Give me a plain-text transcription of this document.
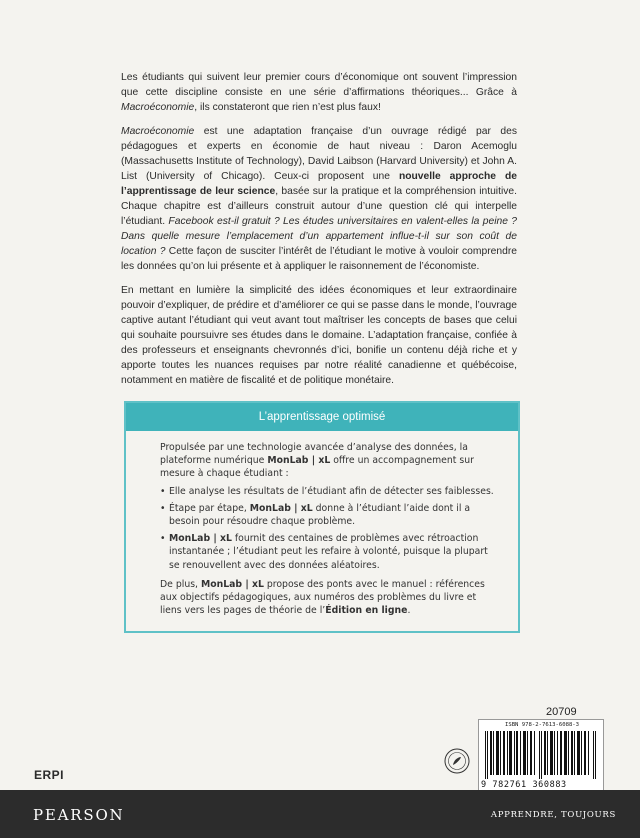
Les étudiants qui suivent leur premier cours d’économique ont souvent l’impression que cette discipline consiste en une série d’affirmations théoriques... Grâce à Macroéconomie, ils constateront que rien n’est plus faux!

Macroéconomie est une adaptation française d’un ouvrage rédigé par des pédagogues et experts en économie de haut niveau : Daron Acemoglu (Massachusetts Institute of Technology), David Laibson (Harvard University) et John A. List (University of Chicago). Ceux-ci proposent une nouvelle approche de l’apprentissage de leur science, basée sur la pratique et la compréhension intuitive. Chaque chapitre est d’ailleurs construit autour d’une question clé qui interpelle l’étudiant. Facebook est-il gratuit ? Les études universitaires en valent-elles la peine ? Dans quelle mesure l’emplacement d’un appartement influe-t-il sur son coût de location ? Cette façon de susciter l’intérêt de l’étudiant le motive à vouloir comprendre les données qu’on lui présente et à appliquer le raisonnement de l’économiste.

En mettant en lumière la simplicité des idées économiques et leur extraordinaire pouvoir d’expliquer, de prédire et d’améliorer ce qui se passe dans le monde, l’ouvrage captive autant l’étudiant qui veut avant tout maîtriser les concepts de bases que celui qui souhaite poursuivre ses études dans le domaine. L’adaptation française, confiée à des professeurs et enseignants chevronnés d’ici, bonifie un contenu déjà riche et y apporte toutes les nuances requises par notre réalité canadienne et québécoise, notamment en matière de fiscalité et de politique monétaire.

L’apprentissage optimisé

Propulsée par une technologie avancée d’analyse des données, la plateforme numérique MonLab | xL offre un accompagnement sur mesure à chaque étudiant :

• Elle analyse les résultats de l’étudiant afin de détecter ses faiblesses.
• Étape par étape, MonLab | xL donne à l’étudiant l’aide dont il a besoin pour résoudre chaque problème.
• MonLab | xL fournit des centaines de problèmes avec rétroaction instantanée ; l’étudiant peut les refaire à volonté, puisque la plupart se renouvellent avec des données aléatoires.

De plus, MonLab | xL propose des ponts avec le manuel : références aux objectifs pédagogiques, aux numéros des problèmes du livre et liens vers les pages de théorie de l’Édition en ligne.

20709
ISBN 978-2-7613-6088-3
9 782761 360883
ERPI
PEARSON	APPRENDRE, TOUJOURS
